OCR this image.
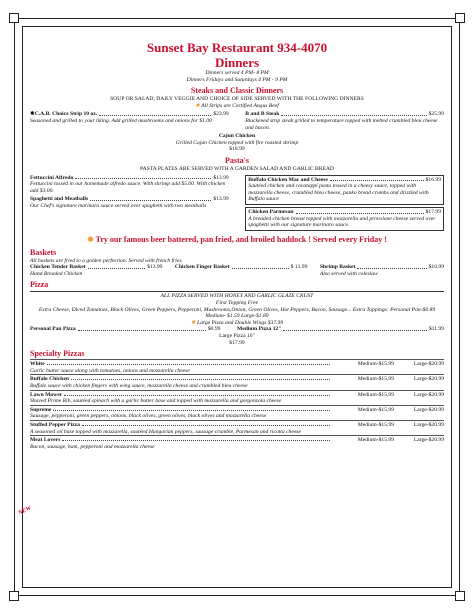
Sunset Bay Restaurant 934-4070
Dinners
Dinners served 4 PM- 8 PM
Dinners Fridays and Saturdays 4 PM - 9 PM
Steaks and Classic Dinners
SOUP OR SALAD, DAILY VEGGIE AND CHOICE OF SIDE SERVED WITH THE FOLLOWING DINNERS
✸ All Strips are Certified Angus Beef
✸ C.A.B. Choice Strip 10 oz.	$23.99
Seasoned and grilled to your liking. Add grilled mushrooms and onions for $1.00
B and B Steak	$25.99
Blackened strip steak grilled to temperature topped with melted crumbled bleu cheese and bacon.
Cajun Chicken
Grilled Cajun Chicken topped with fire roasted shrimp
$18.99
Pasta's
PASTA PLATES ARE SERVED WITH A GARDEN SALAD AND GARLIC BREAD
Fettuccini Alfredo	$13.99
Fettuccini tossed in our homemade alfredo sauce. With shrimp add $5.00. With chicken add $3.00.
Spaghetti and Meatballs	$13.99
Our Chef's signature marinara sauce served over spaghetti with two meatballs
Buffalo Chicken Mac and Cheese	$16.99
Sautéed chicken and cavatappi pasta tossed in a cheesy sauce, topped with mozzarella cheese, crumbled bleu cheese, panko bread crumbs and drizzled with Buffalo sauce
Chicken Parmesan	$17.99
A breaded chicken breast topped with mozzarella and provolone cheese served over spaghetti with our signature marinara sauce.
✸ Try our famous beer battered, pan fried, and broiled haddock ! Served every Friday !
Baskets
All baskets are fried to a golden perfection. Served with french fries.
Chicken Tender Basket	$13.99
Hand Breaded Chicken
Chicken Finger Basket	$ 13.99 Shrimp Basket	$16.99
Also served with coleslaw
Pizza
ALL PIZZA SERVED WITH HONEY AND GARLIC GLAZE CRUST
First Topping Free
Extra Cheese, Diced Tomatoes, Black Olives, Green Peppers, Pepperoni, Mushrooms,Onion, Green Olives, Hot Peppers, Bacon, Sausage... Extra Toppings: Personal Pan-$0.89 Medium- $1.59 Large-$1.89
✸ Large Pizza and Double Wings $37.99
Personal Pan Pizza	$6.99	Medium Pizza 12"	$11.99
Large Pizza 16"
$17.99
Specialty Pizzas
White	Medium-$15.99	Large-$20.99
Garlic butter sauce along with tomatoes, onions and mozzarella cheese
Buffalo Chicken	Medium-$15.99	Large-$20.99
Buffalo sauce with chicken fingers with wing sauce, mozzarella cheese and crumbled bleu cheese
Lawn Mower	Medium-$15.99	Large-$20.99
Shaved Prime Rib, sautéed spinach with a garlic butter base and topped with mozzarella and gorgonzola cheese
Supreme	Medium-$15.99	Large-$20.99
Sausage, pepperoni, green peppers, onions, black olives, green olives, black olives and mozzarella cheese
Stuffed Pepper Pizza	Medium-$15.99	Large-$20.99
A seasoned oil base topped with mozzarella, sautéed Hungarian peppers, sausage crumble, Parmesan and ricotta cheese
Meat Lovers	Medium-$15.99	Large-$20.99
Bacon, sausage, ham, pepperoni and mozzarella cheese
NEW
